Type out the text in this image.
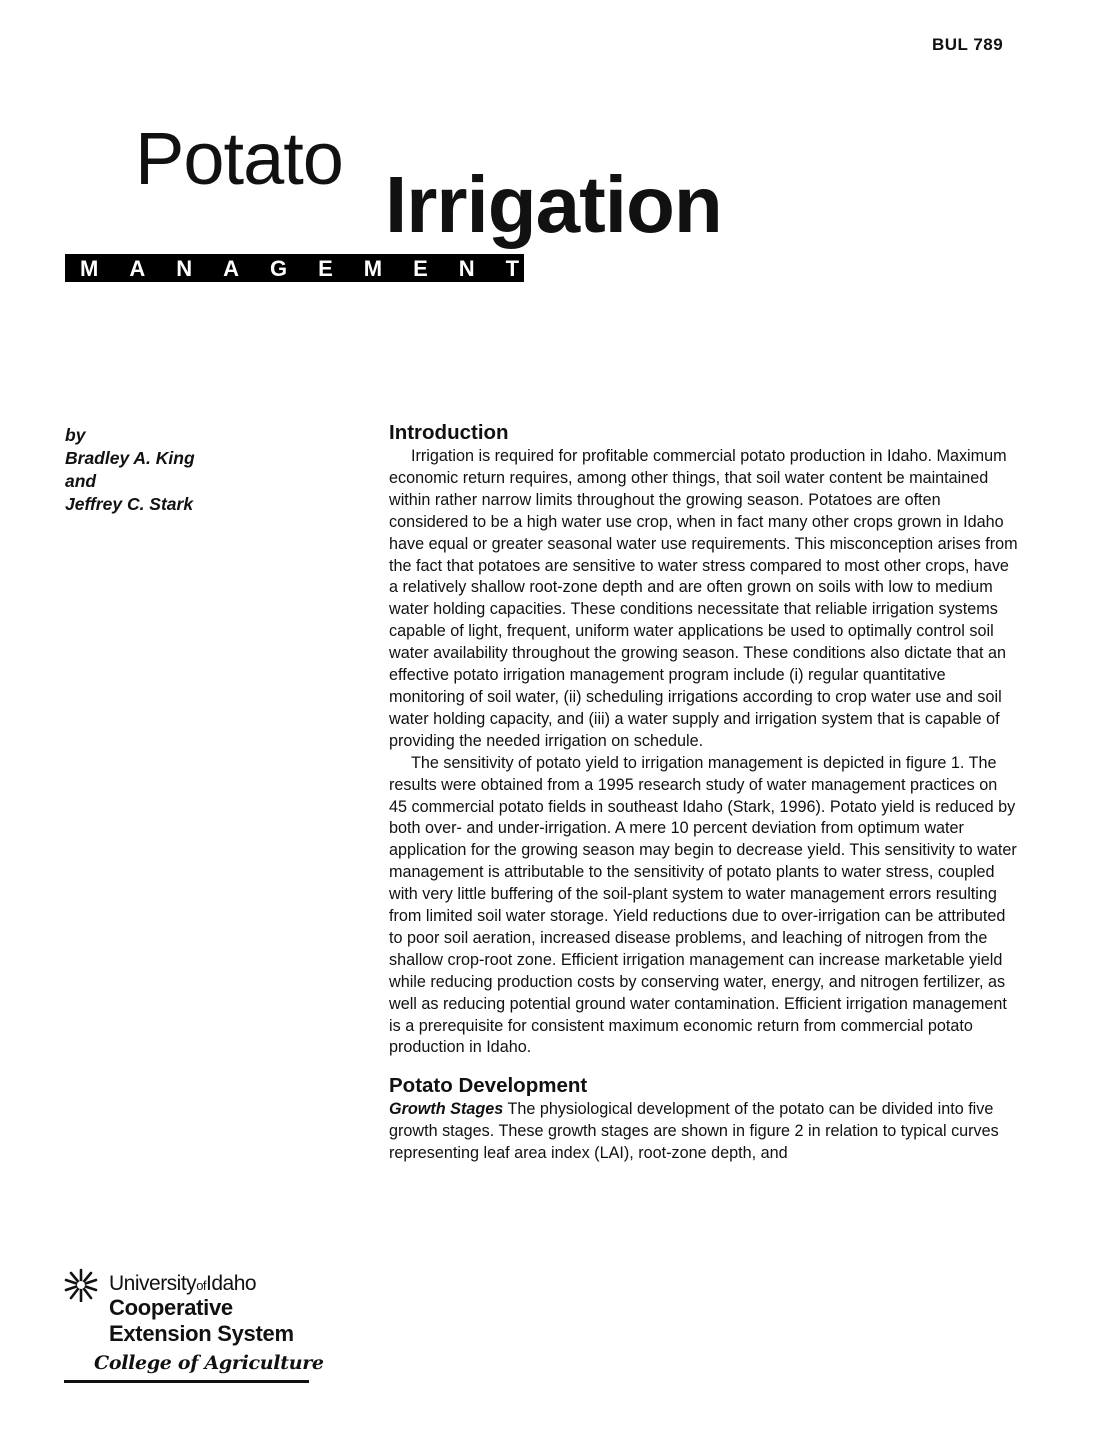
BUL 789
Potato
Irrigation
MANAGEMENT
by
Bradley A. King
and
Jeffrey C. Stark
UniversityofIdaho
Cooperative
Extension System
College of Agriculture
Introduction

Irrigation is required for profitable commercial potato production in Idaho. Maximum economic return requires, among other things, that soil water content be maintained within rather narrow limits throughout the growing season. Potatoes are often considered to be a high water use crop, when in fact many other crops grown in Idaho have equal or greater seasonal water use requirements. This misconception arises from the fact that potatoes are sensitive to water stress compared to most other crops, have a relatively shallow root-zone depth and are often grown on soils with low to medium water holding capacities. These conditions necessitate that reliable irrigation systems capable of light, frequent, uniform water applications be used to optimally control soil water availability throughout the growing season. These conditions also dictate that an effective potato irrigation management program include (i) regular quantitative monitoring of soil water, (ii) scheduling irrigations according to crop water use and soil water holding capacity, and (iii) a water supply and irrigation system that is capable of providing the needed irrigation on schedule.

The sensitivity of potato yield to irrigation management is depicted in figure 1. The results were obtained from a 1995 research study of water management practices on 45 commercial potato fields in southeast Idaho (Stark, 1996). Potato yield is reduced by both over- and under-irrigation. A mere 10 percent deviation from optimum water application for the growing season may begin to decrease yield. This sensitivity to water management is attributable to the sensitivity of potato plants to water stress, coupled with very little buffering of the soil-plant system to water management errors resulting from limited soil water storage. Yield reductions due to over-irrigation can be attributed to poor soil aeration, increased disease problems, and leaching of nitrogen from the shallow crop-root zone. Efficient irrigation management can increase marketable yield while reducing production costs by conserving water, energy, and nitrogen fertilizer, as well as reducing potential ground water contamination. Efficient irrigation management is a prerequisite for consistent maximum economic return from commercial potato production in Idaho.

Potato Development

Growth Stages The physiological development of the potato can be divided into five growth stages. These growth stages are shown in figure 2 in relation to typical curves representing leaf area index (LAI), root-zone depth, and
